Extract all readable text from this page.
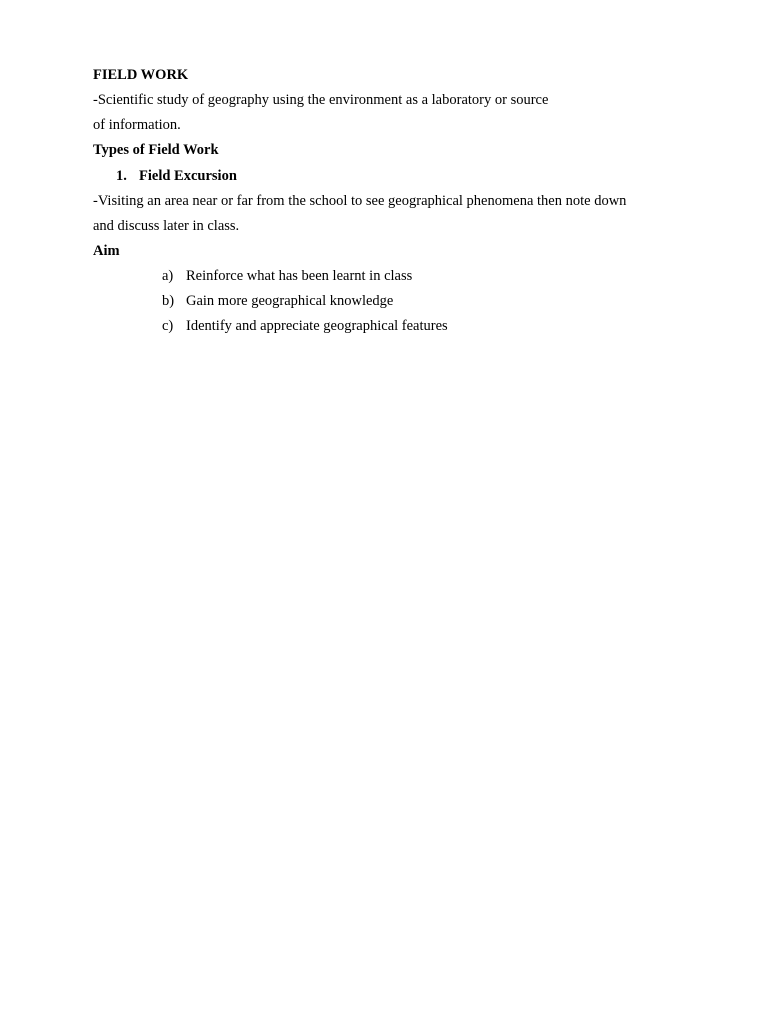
FIELD WORK
-Scientific study of geography using the environment as a laboratory or source
of information.
Types of Field Work
1. Field Excursion
-Visiting an area near or far from the school to see geographical phenomena then note down
and discuss later in class.
Aim
a) Reinforce what has been learnt in class
b) Gain more geographical knowledge
c) Identify and appreciate geographical features
